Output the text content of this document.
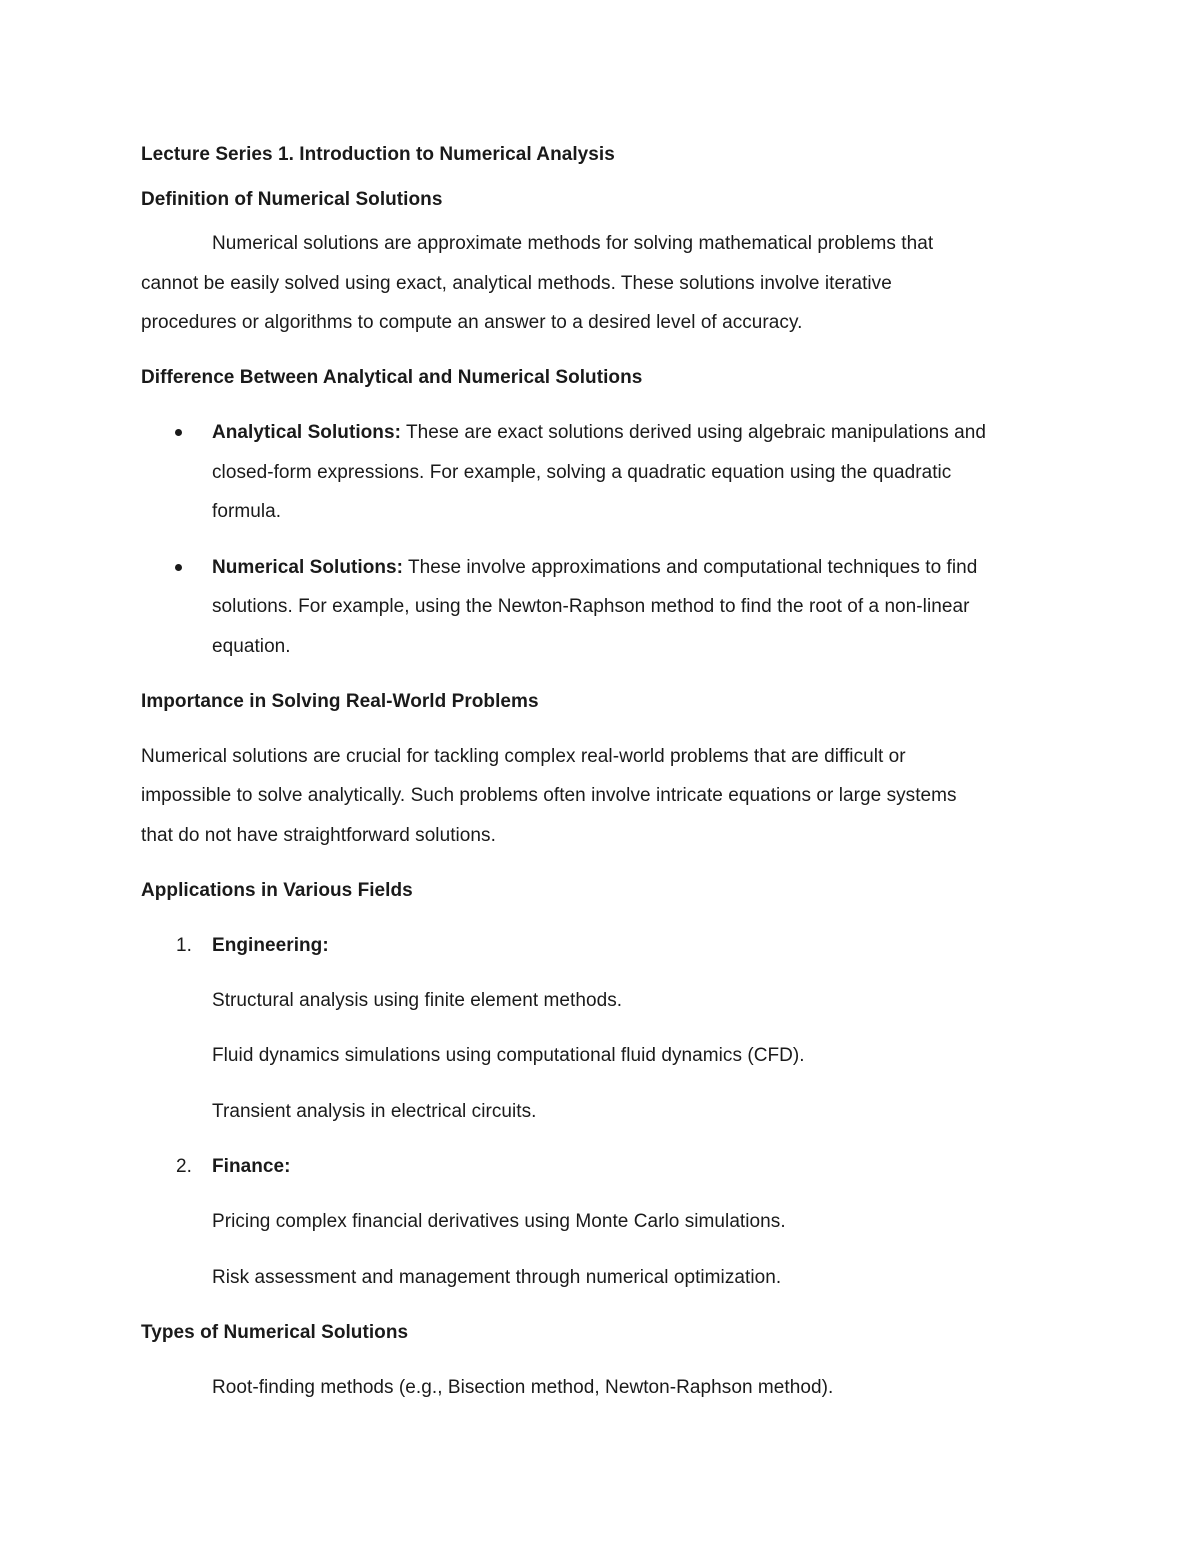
Lecture Series 1. Introduction to Numerical Analysis
Definition of Numerical Solutions
Numerical solutions are approximate methods for solving mathematical problems that
cannot be easily solved using exact, analytical methods. These solutions involve iterative
procedures or algorithms to compute an answer to a desired level of accuracy.
Difference Between Analytical and Numerical Solutions
Analytical Solutions: These are exact solutions derived using algebraic manipulations and
closed-form expressions. For example, solving a quadratic equation using the quadratic
formula.
Numerical Solutions: These involve approximations and computational techniques to find
solutions. For example, using the Newton-Raphson method to find the root of a non-linear
equation.
Importance in Solving Real-World Problems
Numerical solutions are crucial for tackling complex real-world problems that are difficult or
impossible to solve analytically. Such problems often involve intricate equations or large systems
that do not have straightforward solutions.
Applications in Various Fields
1. Engineering:
Structural analysis using finite element methods.
Fluid dynamics simulations using computational fluid dynamics (CFD).
Transient analysis in electrical circuits.
2. Finance:
Pricing complex financial derivatives using Monte Carlo simulations.
Risk assessment and management through numerical optimization.
Types of Numerical Solutions
Root-finding methods (e.g., Bisection method, Newton-Raphson method).
